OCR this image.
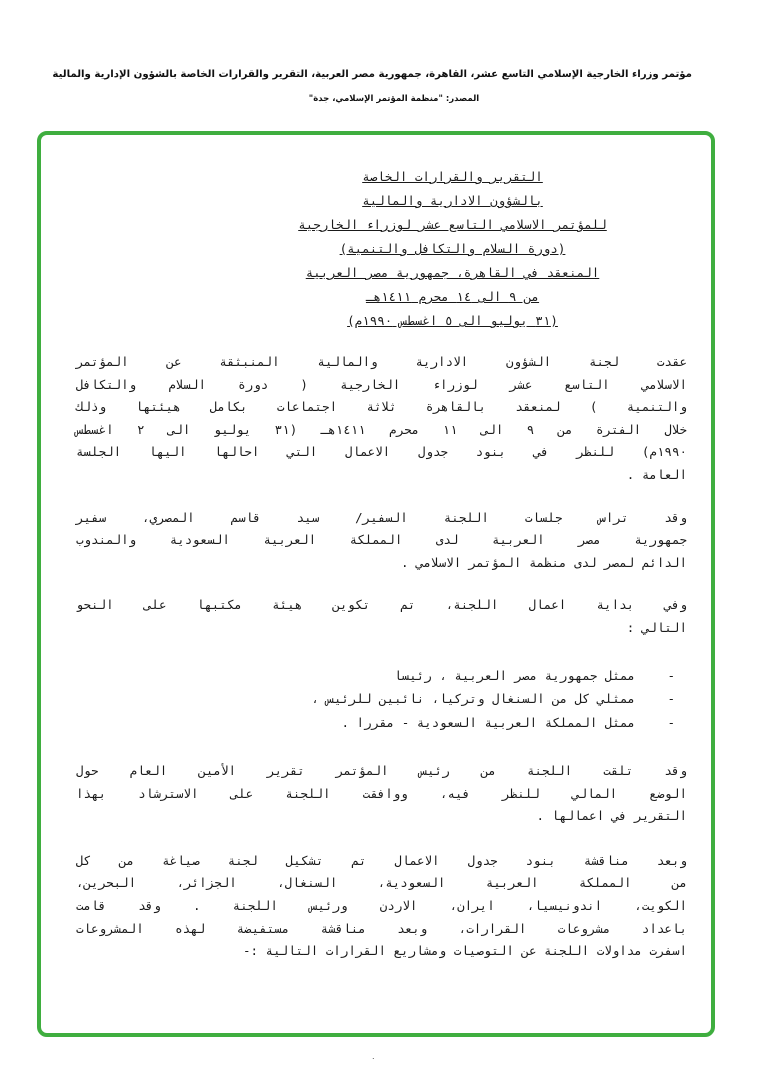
مؤتمر وزراء الخارجية الإسلامي التاسع عشر، القاهرة، جمهورية مصر العربية، التقرير والقرارات الخاصة بالشؤون الإدارية والمالية
المصدر: "منظمة المؤتمر الإسلامي، جدة"
التقرير والقرارات الخاصة
بالشؤون الادارية والمالية
للمؤتمر الاسلامي التاسع عشر لوزراء الخارجية
(دورة السلام والتكافل والتنمية)
المنعقد في القاهرة، جمهورية مصر العربية
من ٩ الى ١٤ محرم ١٤١١هـ
(٣١ يوليو الى ٥ اغسطس ١٩٩٠م)

عقدت لجنة الشؤون الادارية والمالية المنبثقة عن المؤتمر
الاسلامي التاسع عشر لوزراء الخارجية ( دورة السلام والتكافل
والتنمية ) لمنعقد بالقاهرة ثلاثة اجتماعات بكامل هيئتها وذلك
خلال الفترة من ٩ الى ١١ محرم ١٤١١هـ (٣١ يوليو الى ٢ اغسطس
١٩٩٠م) للنظر في بنود جدول الاعمال التي احالها اليها الجلسة
العامة .

وقد تراس جلسات اللجنة السفير/ سيد قاسم المصري، سفير
جمهورية مصر العربية لدى المملكة العربية السعودية والمندوب
الدائم لمصر لدى منظمة المؤتمر الاسلامي .

وفي بداية اعمال اللجنة، تم تكوين هيئة مكتبها على النحو
التالي :

-
ممثل جمهورية مصر العربية ، رئيسا
-
ممثلي كل من السنغال وتركيا، نائبين للرئيس ،
-
ممثل المملكة العربية السعودية - مقررا .

وقد تلقت اللجنة من رئيس المؤتمر تقرير الأمين العام حول
الوضع المالي للنظر فيه، ووافقت اللجنة على الاسترشاد بهذا
التقرير في اعمالها .

وبعد مناقشة بنود جدول الاعمال تم تشكيل لجنة صياغة من كل
من المملكة العربية السعودية، السنغال، الجزائر، البحرين،
الكويت، اندونيسيا، ايران، الاردن ورئيس اللجنة . وقد قامت
باعداد مشروعات القرارات، وبعد مناقشة مستفيضة لهذه المشروعات
اسفرت مداولات اللجنة عن التوصيات ومشاريع القرارات التالية :-

.
